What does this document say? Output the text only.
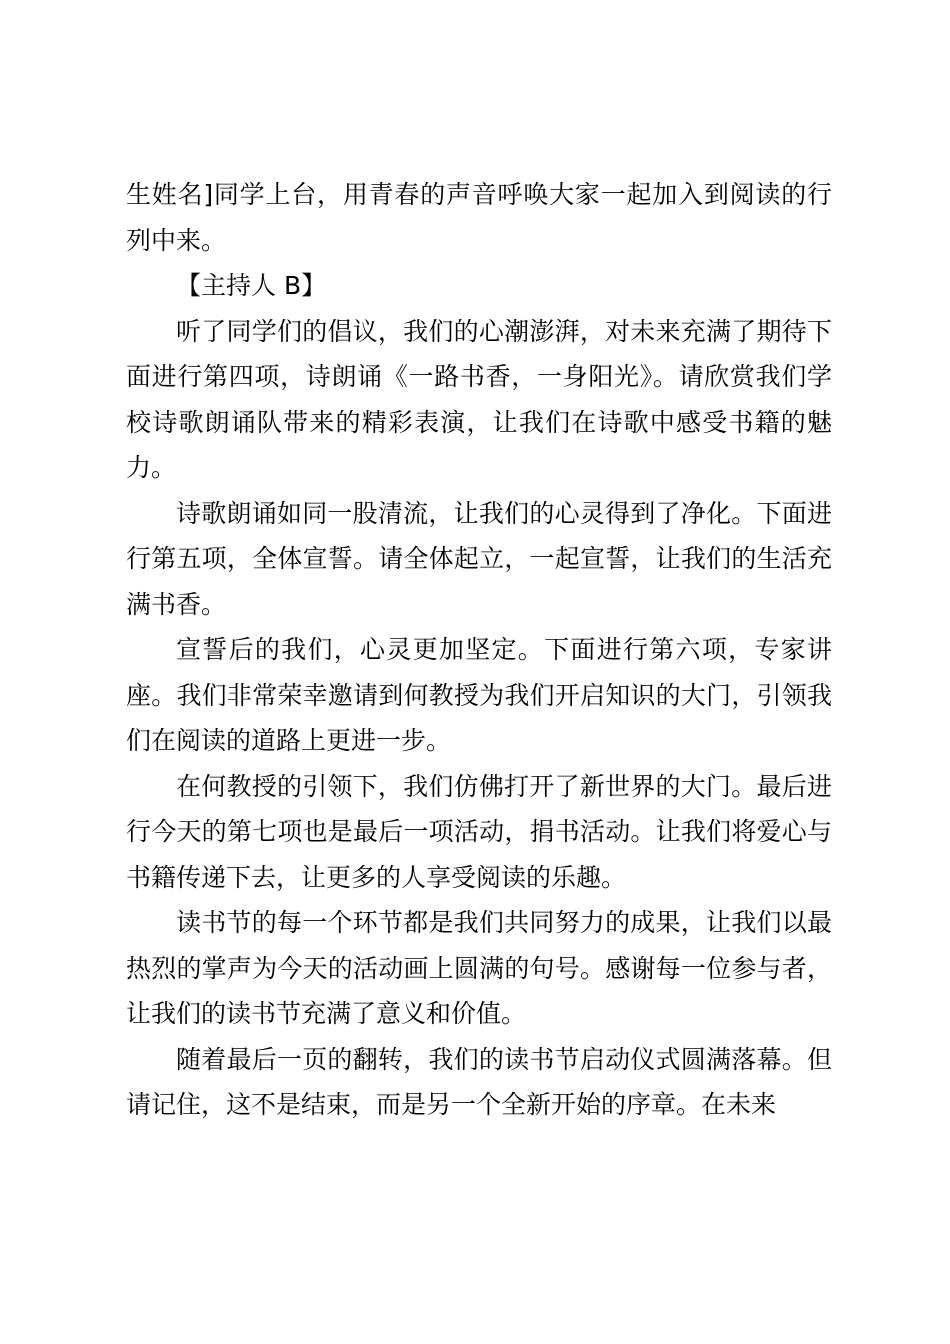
生姓名]同学上台，用青春的声音呼唤大家一起加入到阅读的行列中来。

【主持人 B】

听了同学们的倡议，我们的心潮澎湃，对未来充满了期待下面进行第四项，诗朗诵《一路书香，一身阳光》。请欣赏我们学校诗歌朗诵队带来的精彩表演，让我们在诗歌中感受书籍的魅力。

诗歌朗诵如同一股清流，让我们的心灵得到了净化。下面进行第五项，全体宣誓。请全体起立，一起宣誓，让我们的生活充满书香。

宣誓后的我们，心灵更加坚定。下面进行第六项，专家讲座。我们非常荣幸邀请到何教授为我们开启知识的大门，引领我们在阅读的道路上更进一步。

在何教授的引领下，我们仿佛打开了新世界的大门。最后进行今天的第七项也是最后一项活动，捐书活动。让我们将爱心与书籍传递下去，让更多的人享受阅读的乐趣。

读书节的每一个环节都是我们共同努力的成果，让我们以最热烈的掌声为今天的活动画上圆满的句号。感谢每一位参与者，让我们的读书节充满了意义和价值。

随着最后一页的翻转，我们的读书节启动仪式圆满落幕。但请记住，这不是结束，而是另一个全新开始的序章。在未来
